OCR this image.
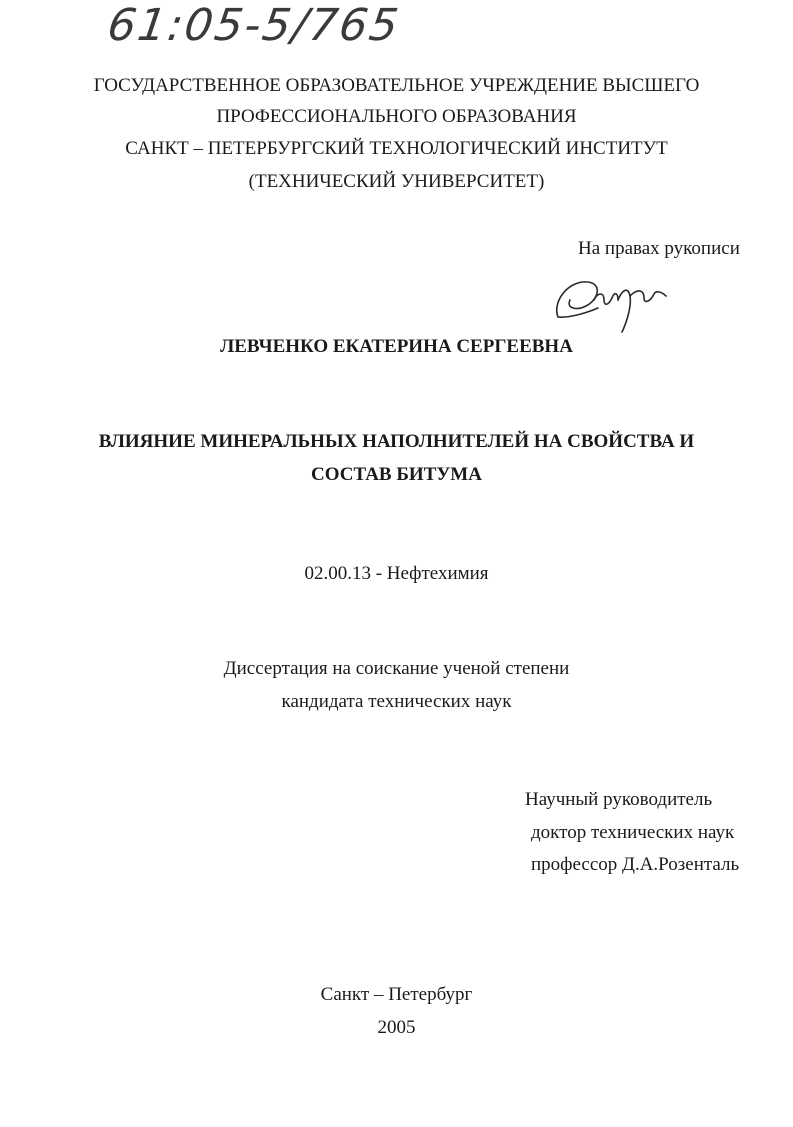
61:05-5/765
ГОСУДАРСТВЕННОЕ ОБРАЗОВАТЕЛЬНОЕ УЧРЕЖДЕНИЕ ВЫСШЕГО
ПРОФЕССИОНАЛЬНОГО ОБРАЗОВАНИЯ
САНКТ – ПЕТЕРБУРГСКИЙ ТЕХНОЛОГИЧЕСКИЙ ИНСТИТУТ
(ТЕХНИЧЕСКИЙ УНИВЕРСИТЕТ)
На правах рукописи
ЛЕВЧЕНКО ЕКАТЕРИНА СЕРГЕЕВНА
ВЛИЯНИЕ МИНЕРАЛЬНЫХ НАПОЛНИТЕЛЕЙ НА СВОЙСТВА И
СОСТАВ БИТУМА
02.00.13 - Нефтехимия
Диссертация на соискание ученой степени
кандидата технических наук
Научный руководитель
доктор технических наук
профессор Д.А.Розенталь
Санкт – Петербург
2005
